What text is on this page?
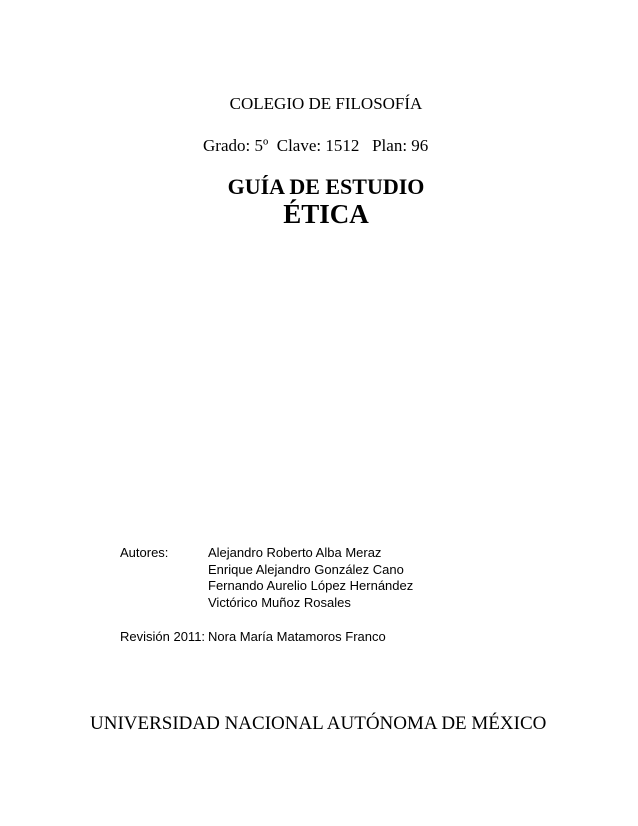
COLEGIO DE FILOSOFÍA
Grado: 5º  Clave: 1512   Plan: 96
GUÍA DE ESTUDIO
ÉTICA
Autores:	Alejandro Roberto Alba Meraz
Enrique Alejandro González Cano
Fernando Aurelio López Hernández
Victórico Muñoz Rosales
Revisión 2011: Nora María Matamoros Franco
UNIVERSIDAD NACIONAL AUTÓNOMA DE MÉXICO
